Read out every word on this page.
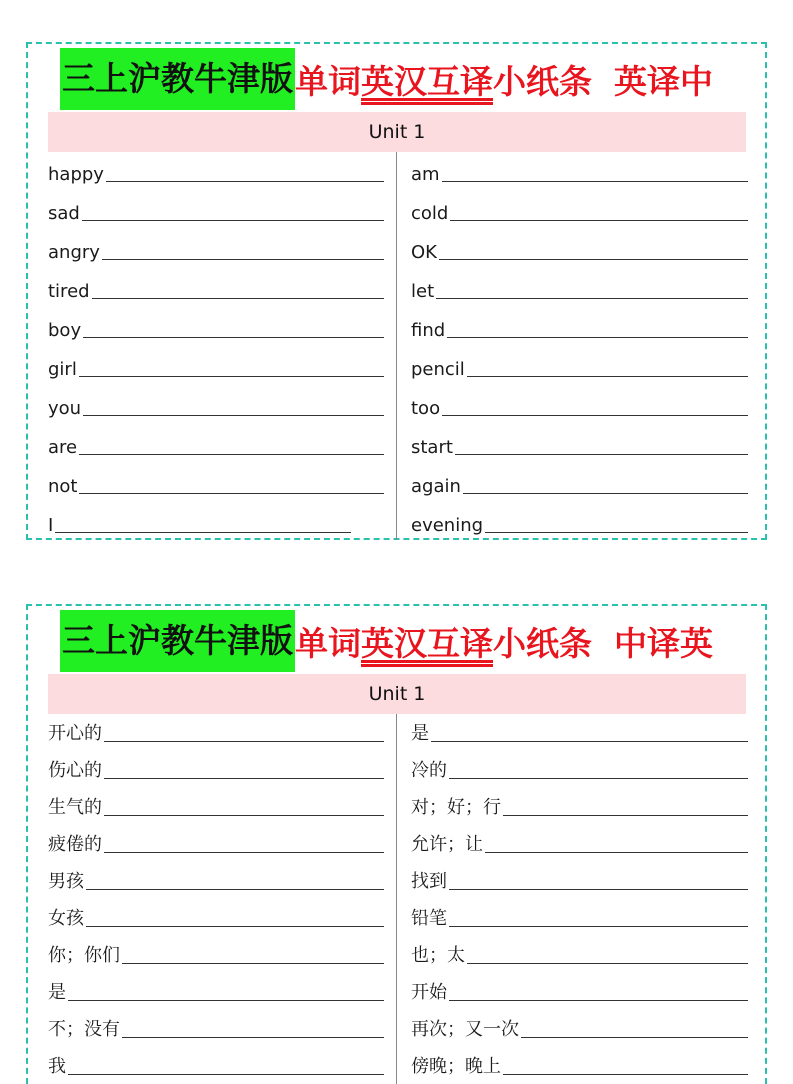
三上沪教牛津版 单词英汉互译小纸条 英译中
Unit 1
happy
sad
angry
tired
boy
girl
you
are
not
I
am
cold
OK
let
find
pencil
too
start
again
evening
三上沪教牛津版 单词英汉互译小纸条 中译英
Unit 1
开心的
伤心的
生气的
疲倦的
男孩
女孩
你；你们
是
不；没有
我
是
冷的
对；好；行
允许；让
找到
铅笔
也；太
开始
再次；又一次
傍晚；晚上
